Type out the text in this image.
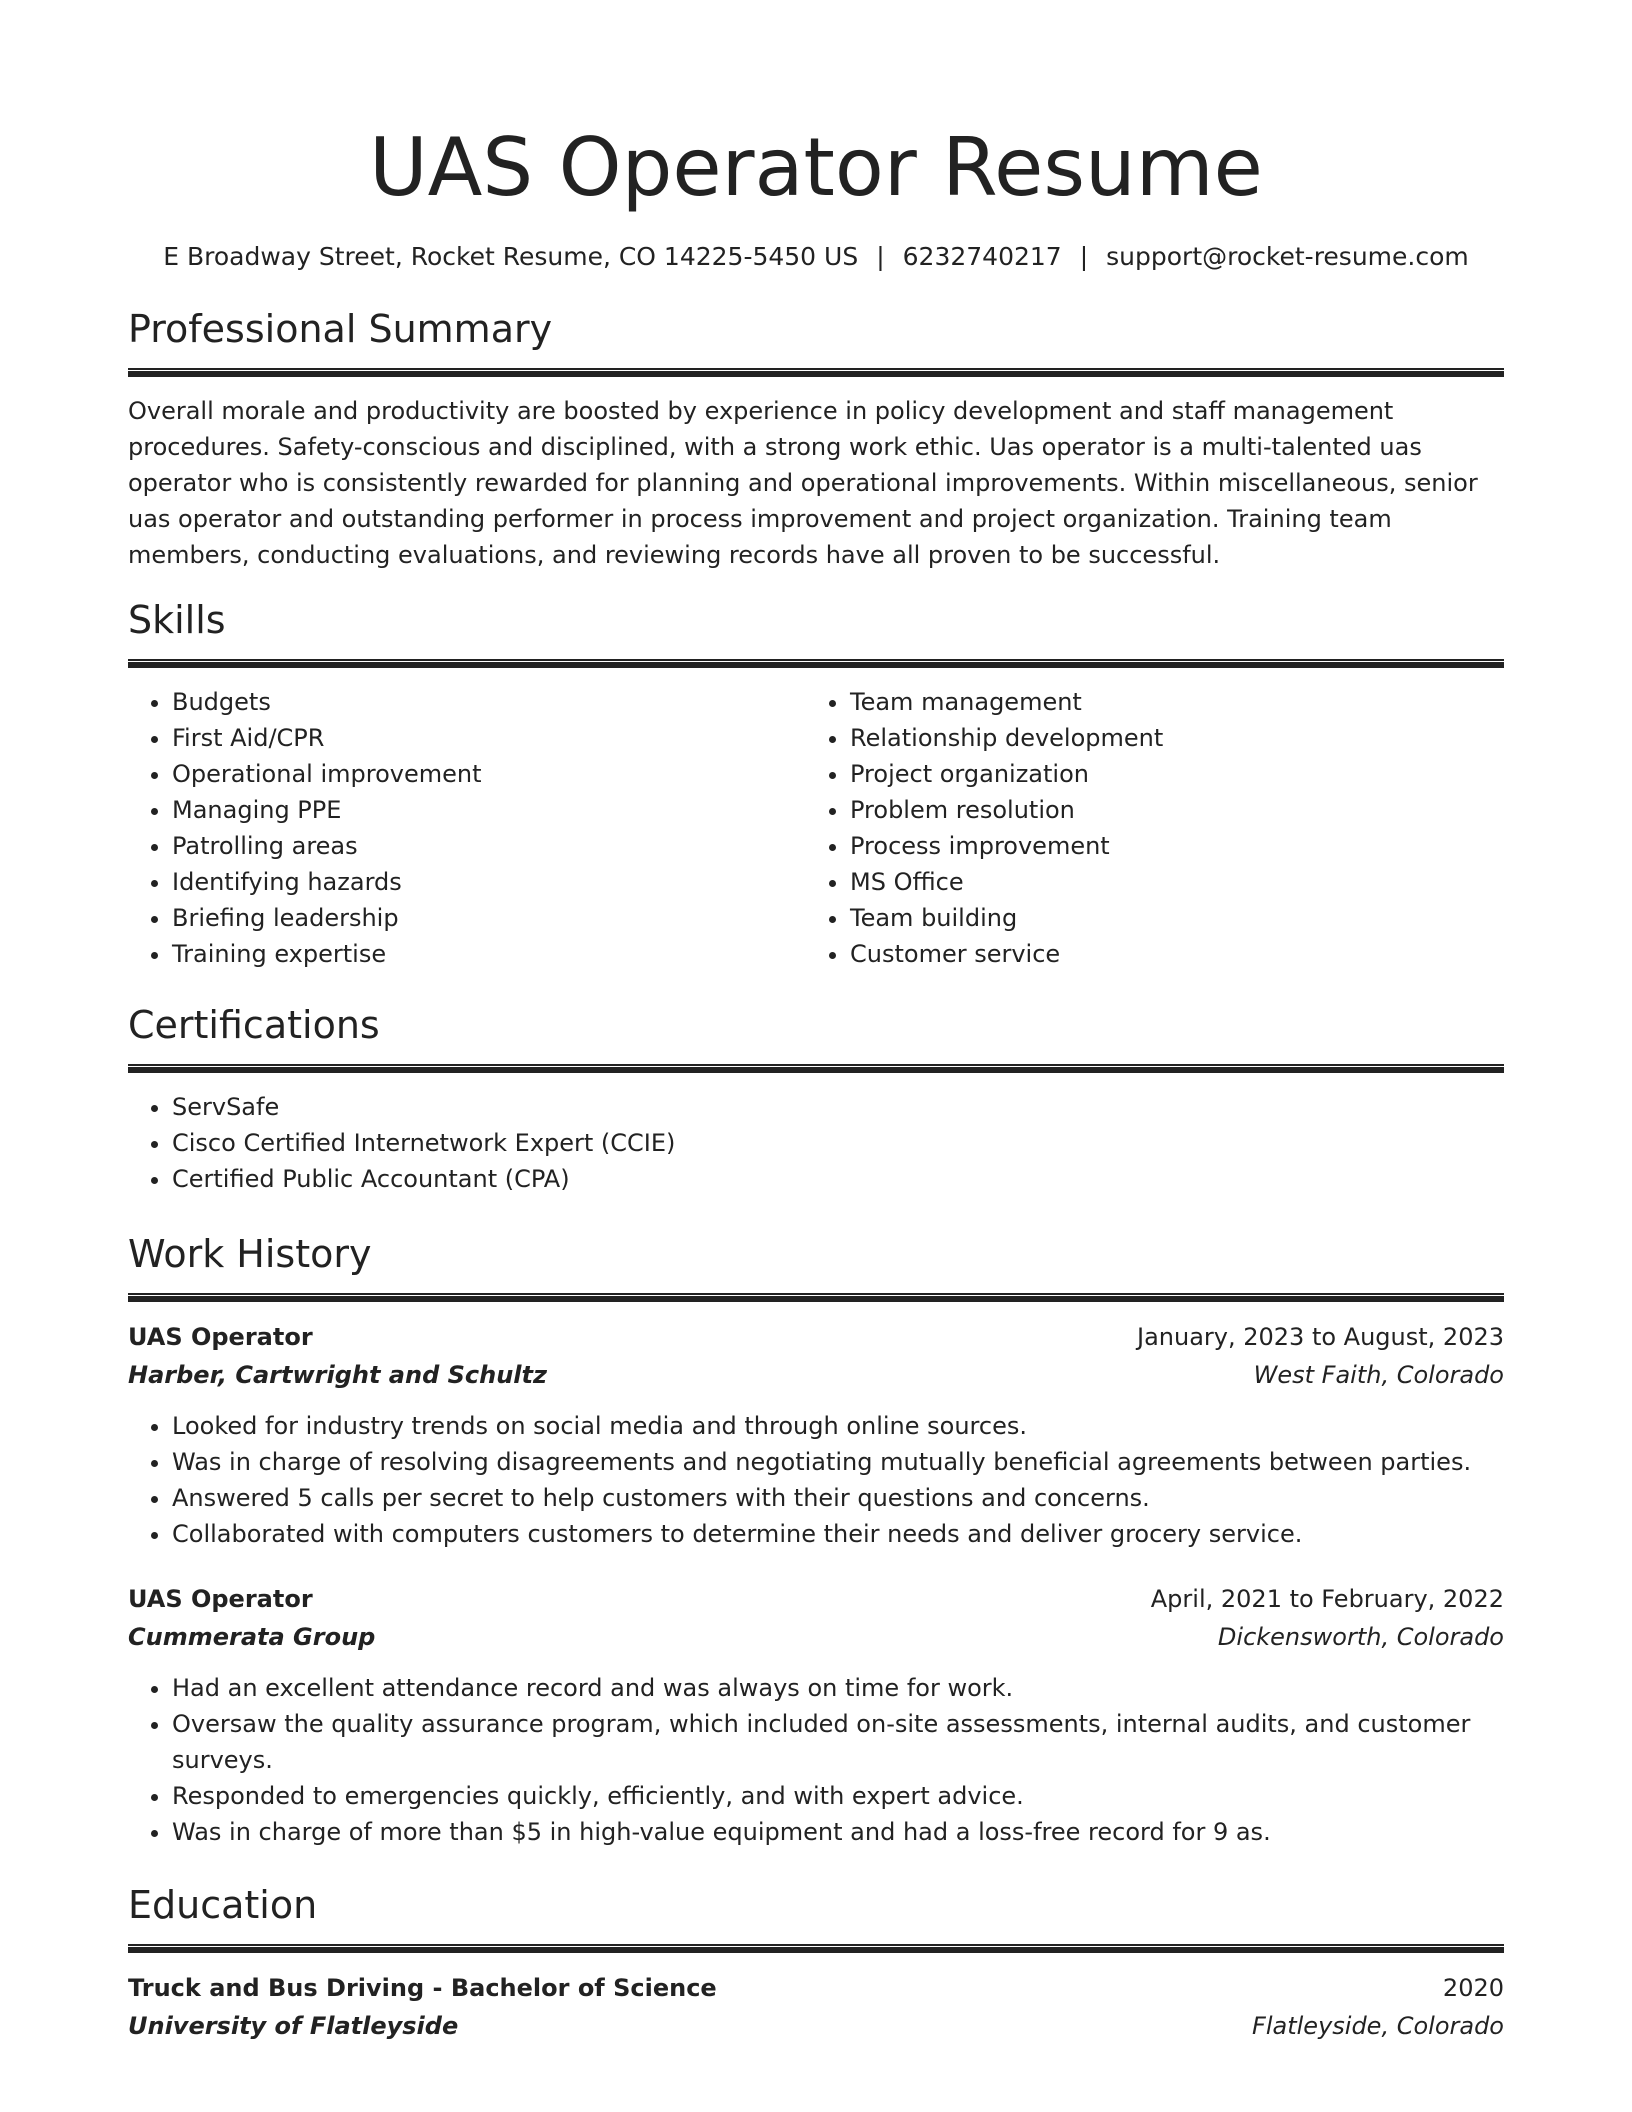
UAS Operator Resume
E Broadway Street, Rocket Resume, CO 14225-5450 US | 6232740217 | support@rocket-resume.com
Professional Summary

Overall morale and productivity are boosted by experience in policy development and staff management procedures. Safety-conscious and disciplined, with a strong work ethic. Uas operator is a multi-talented uas operator who is consistently rewarded for planning and operational improvements. Within miscellaneous, senior uas operator and outstanding performer in process improvement and project organization. Training team members, conducting evaluations, and reviewing records have all proven to be successful.

Skills
• Budgets
• First Aid/CPR
• Operational improvement
• Managing PPE
• Patrolling areas
• Identifying hazards
• Briefing leadership
• Training expertise
• Team management
• Relationship development
• Project organization
• Problem resolution
• Process improvement
• MS Office
• Team building
• Customer service
Certifications
• ServSafe
• Cisco Certified Internetwork Expert (CCIE)
• Certified Public Accountant (CPA)
Work History
UAS Operator	January, 2023 to August, 2023
Harber, Cartwright and Schultz	West Faith, Colorado
• Looked for industry trends on social media and through online sources.
• Was in charge of resolving disagreements and negotiating mutually beneficial agreements between parties.
• Answered 5 calls per secret to help customers with their questions and concerns.
• Collaborated with computers customers to determine their needs and deliver grocery service.
UAS Operator	April, 2021 to February, 2022
Cummerata Group	Dickensworth, Colorado
• Had an excellent attendance record and was always on time for work.
• Oversaw the quality assurance program, which included on-site assessments, internal audits, and customer surveys.
• Responded to emergencies quickly, efficiently, and with expert advice.
• Was in charge of more than $5 in high-value equipment and had a loss-free record for 9 as.
Education
Truck and Bus Driving - Bachelor of Science	2020
University of Flatleyside	Flatleyside, Colorado
